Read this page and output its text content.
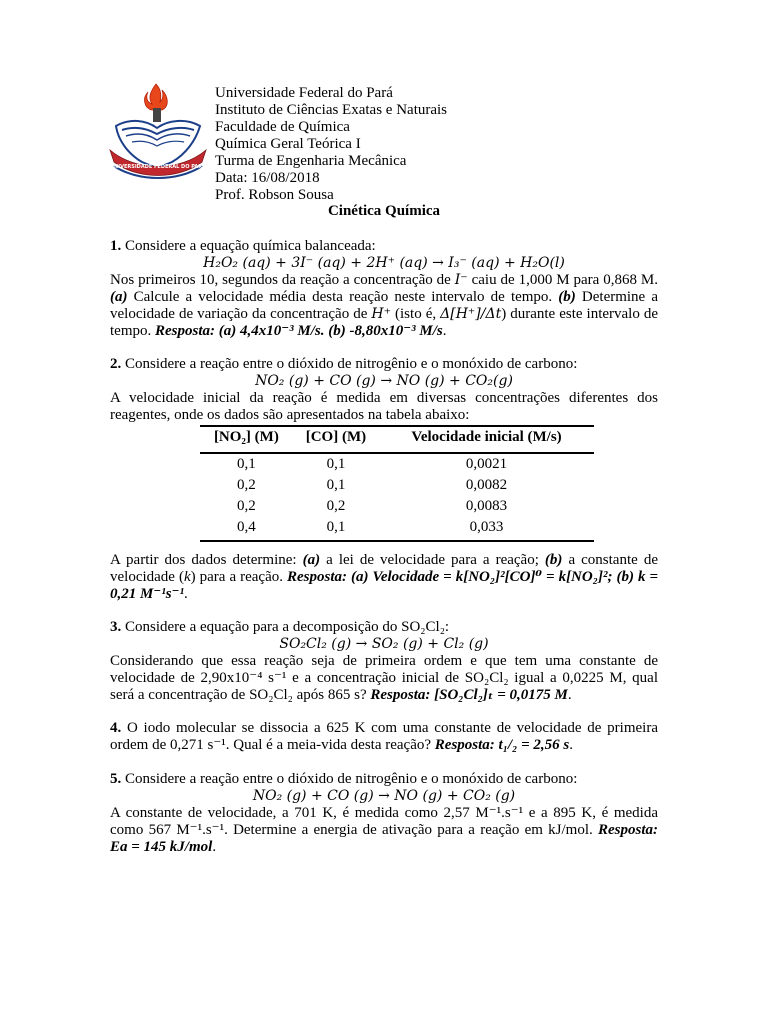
UNIVERSIDADE FEDERAL DO PARÁ
Universidade Federal do Pará
Instituto de Ciências Exatas e Naturais
Faculdade de Química
Química Geral Teórica I
Turma de Engenharia Mecânica
Data: 16/08/2018
Prof. Robson Sousa
Cinética Química
1. Considere a equação química balanceada:
H₂O₂ (aq) + 3I⁻ (aq) + 2H⁺ (aq) → I₃⁻ (aq) + H₂O(l)
Nos primeiros 10, segundos da reação a concentração de I⁻ caiu de 1,000 M para 0,868 M. (a) Calcule a velocidade média desta reação neste intervalo de tempo. (b) Determine a velocidade de variação da concentração de H⁺ (isto é, Δ[H⁺]/Δt) durante este intervalo de tempo. Resposta: (a) 4,4x10⁻³ M/s. (b) -8,80x10⁻³ M/s.
2. Considere a reação entre o dióxido de nitrogênio e o monóxido de carbono:
NO₂ (g) + CO (g) → NO (g) + CO₂(g)
A velocidade inicial da reação é medida em diversas concentrações diferentes dos reagentes, onde os dados são apresentados na tabela abaixo:
[NO₂] (M)	[CO] (M)	Velocidade inicial (M/s)
0,1	0,1	0,0021
0,2	0,1	0,0082
0,2	0,2	0,0083
0,4	0,1	0,033
A partir dos dados determine: (a) a lei de velocidade para a reação; (b) a constante de velocidade (k) para a reação. Resposta: (a) Velocidade = k[NO₂]²[CO]⁰ = k[NO₂]²; (b) k = 0,21 M⁻¹s⁻¹.
3. Considere a equação para a decomposição do SO₂Cl₂:
SO₂Cl₂ (g) → SO₂ (g) + Cl₂ (g)
Considerando que essa reação seja de primeira ordem e que tem uma constante de velocidade de 2,90x10⁻⁴ s⁻¹ e a concentração inicial de SO₂Cl₂ igual a 0,0225 M, qual será a concentração de SO₂Cl₂ após 865 s? Resposta: [SO₂Cl₂]ₜ = 0,0175 M.
4. O iodo molecular se dissocia a 625 K com uma constante de velocidade de primeira ordem de 0,271 s⁻¹. Qual é a meia-vida desta reação? Resposta: t₁/₂ = 2,56 s.
5. Considere a reação entre o dióxido de nitrogênio e o monóxido de carbono:
NO₂ (g) + CO (g) → NO (g) + CO₂ (g)
A constante de velocidade, a 701 K, é medida como 2,57 M⁻¹.s⁻¹ e a 895 K, é medida como 567 M⁻¹.s⁻¹. Determine a energia de ativação para a reação em kJ/mol. Resposta: Ea = 145 kJ/mol.
